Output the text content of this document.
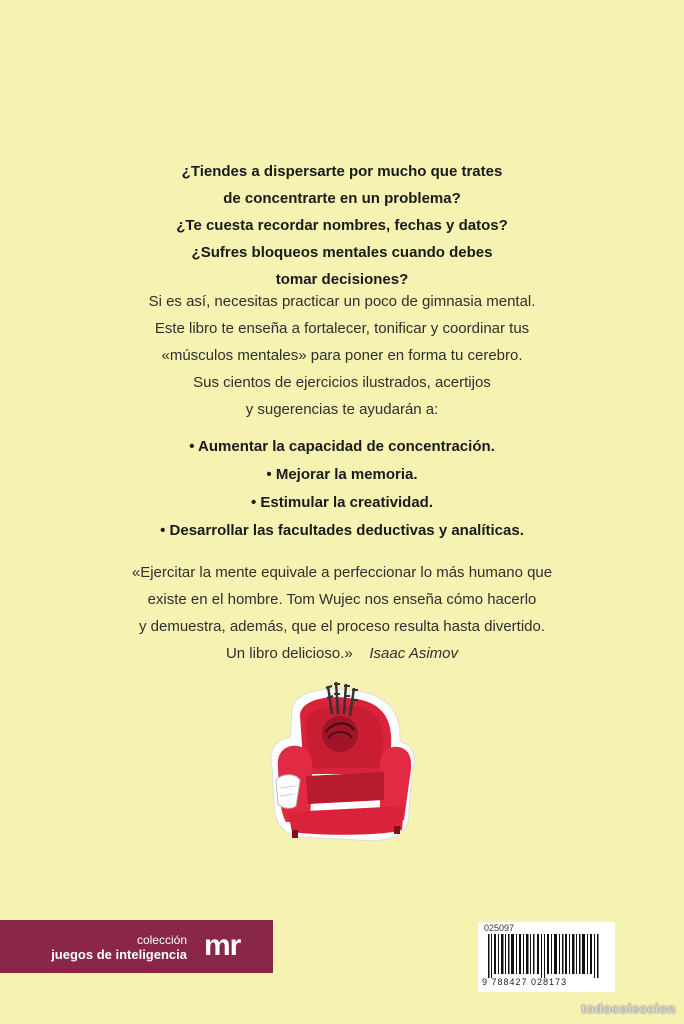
¿Tiendes a dispersarte por mucho que trates
de concentrarte en un problema?
¿Te cuesta recordar nombres, fechas y datos?
¿Sufres bloqueos mentales cuando debes
tomar decisiones?
Si es así, necesitas practicar un poco de gimnasia mental.
Este libro te enseña a fortalecer, tonificar y coordinar tus
«músculos mentales» para poner en forma tu cerebro.
Sus cientos de ejercicios ilustrados, acertijos
y sugerencias te ayudarán a:
• Aumentar la capacidad de concentración.
• Mejorar la memoria.
• Estimular la creatividad.
• Desarrollar las facultades deductivas y analíticas.
«Ejercitar la mente equivale a perfeccionar lo más humano que
existe en el hombre. Tom Wujec nos enseña cómo hacerlo
y demuestra, además, que el proceso resulta hasta divertido.
Un libro delicioso.» Isaac Asimov
colección
juegos de inteligencia mr
025097
9 788427 028173
todocoleccion
